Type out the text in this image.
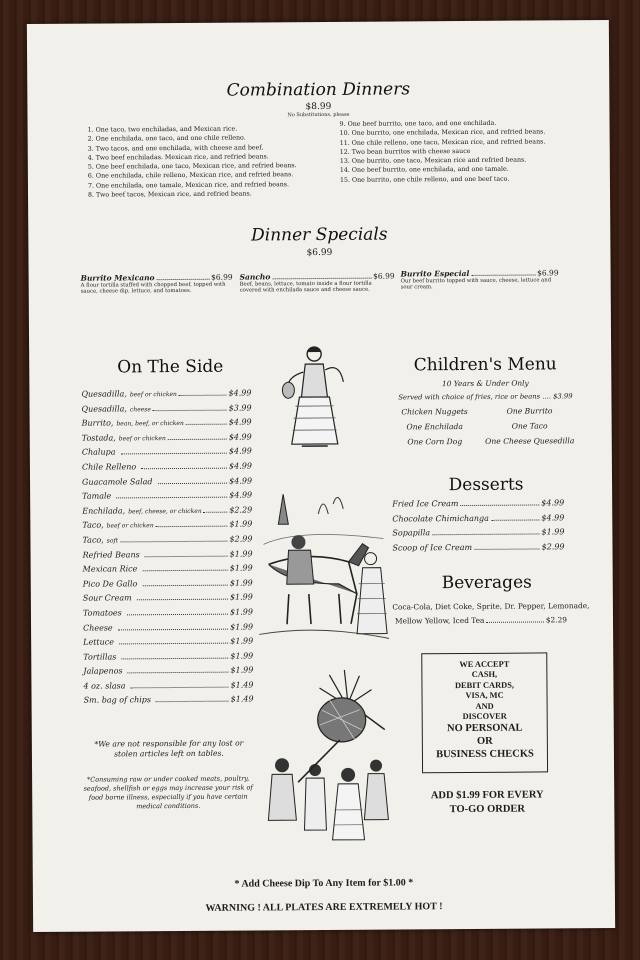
Combination Dinners
$8.99
No Substitutions, please
1. One taco, two enchiladas, and Mexican rice.
2. One enchilada, one taco, and one chile relleno.
3. Two tacos, and one enchilada, with cheese and beef.
4. Two beef enchiladas. Mexican rice, and refried beans.
5. One beef enchilada, one taco, Mexican rice, and refried beans.
6. One enchilada, chile relleno, Mexican rice, and refried beans.
7. One enchilada, one tamale, Mexican rice, and refried beans.
8. Two beef tacos, Mexican rice, and refried beans.
9. One beef burrito, one taco, and one enchilada.
10. One burrito, one enchilada, Mexican rice, and refried beans.
11. One chile relleno, one taco, Mexican rice, and refried beans.
12. Two bean burritos with cheese sauce
13. One burrito, one taco, Mexican rice and refried beans.
14. One beef burrito, one enchilada, and one tamale.
15. One burrito, one chile relleno, and one beef taco.
Dinner Specials
$6.99
Burrito Mexicano	$6.99
A flour tortilla stuffed with chopped beef, topped with sauce, cheese dip, lettuce, and tomatoes.
Sancho	$6.99
Beef, beans, lettuce, tomato inside a flour tortilla covered with enchilada sauce and cheese sauce.
Burrito Especial	$6.99
Our beef burrito topped with sauce, cheese, lettuce and sour cream.
On The Side
Quesadilla, beef or chicken	$4.99
Quesadilla, cheese	$3.99
Burrito, bean, beef, or chicken	$4.99
Tostada, beef or chicken	$4.99
Chalupa	$4.99
Chile Relleno	$4.99
Guacamole Salad	$4.99
Tamale	$4.99
Enchilada, beef, cheese, or chicken	$2.29
Taco, beef or chicken	$1.99
Taco, soft	$2.99
Refried Beans	$1.99
Mexican Rice	$1.99
Pico De Gallo	$1.99
Sour Cream	$1.99
Tomatoes	$1.99
Cheese	$1.99
Lettuce	$1.99
Tortillas	$1.99
Jalapenos	$1.99
4 oz. slasa	$1.49
Sm. bag of chips	$1.49
*We are not responsible for any lost or stolen articles left on tables.
*Consuming raw or under cooked meats, poultry, seafood, shellfish or eggs may increase your risk of food borne illness, especially if you have certain medical conditions.
Children's Menu
10 Years & Under Only
Served with choice of fries, rice or beans .... $3.99
Chicken Nuggets	One Burrito
One Enchilada	One Taco
One Corn Dog	One Cheese Quesedilla
Desserts
Fried Ice Cream	$4.99
Chocolate Chimichanga	$4.99
Sopapilla	$1.99
Scoop of Ice Cream	$2.99
Beverages
Coca-Cola, Diet Coke, Sprite, Dr. Pepper, Lemonade,
Mellow Yellow, Iced Tea	$2.29
WE ACCEPT
CASH,
DEBIT CARDS,
VISA, MC
AND
DISCOVER
NO PERSONAL
OR
BUSINESS CHECKS
ADD $1.99 FOR EVERY
TO-GO ORDER
* Add Cheese Dip To Any Item for $1.00 *
WARNING ! ALL PLATES ARE EXTREMELY HOT !
